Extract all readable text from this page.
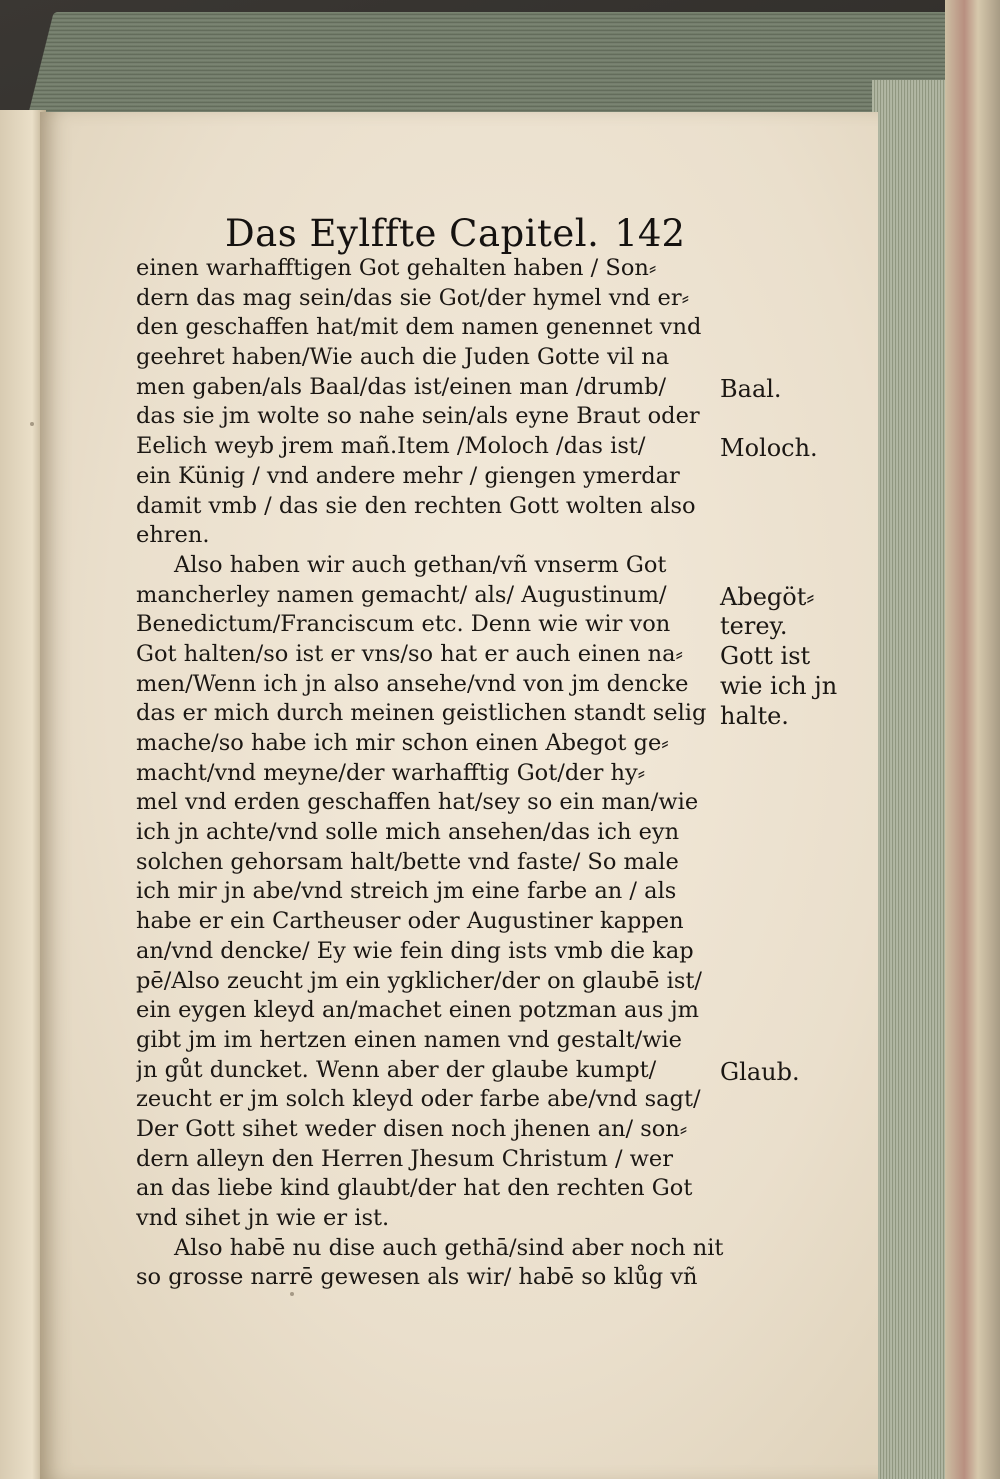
Das Eylffte Capitel. 142
einen warhafftigen Got gehalten haben / Son⸗
dern das mag sein/das sie Got/der hymel vnd er⸗
den geschaffen hat/mit dem namen genennet vnd
geehret haben/Wie auch die Juden Gotte vil na
men gaben/als Baal/das ist/einen man /drumb/
das sie jm wolte so nahe sein/als eyne Braut oder
Eelich weyb jrem mañ.Item /Moloch /das ist/
ein Künig / vnd andere mehr / giengen ymerdar
damit vmb / das sie den rechten Gott wolten also
ehren.
Also haben wir auch gethan/vñ vnserm Got
mancherley namen gemacht/ als/ Augustinum/
Benedictum/Franciscum etc. Denn wie wir von
Got halten/so ist er vns/so hat er auch einen na⸗
men/Wenn ich jn also ansehe/vnd von jm dencke
das er mich durch meinen geistlichen standt selig
mache/so habe ich mir schon einen Abegot ge⸗
macht/vnd meyne/der warhafftig Got/der hy⸗
mel vnd erden geschaffen hat/sey so ein man/wie
ich jn achte/vnd solle mich ansehen/das ich eyn
solchen gehorsam halt/bette vnd faste/ So male
ich mir jn abe/vnd streich jm eine farbe an / als
habe er ein Cartheuser oder Augustiner kappen
an/vnd dencke/ Ey wie fein ding ists vmb die kap
pē/Also zeucht jm ein ygklicher/der on glaubē ist/
ein eygen kleyd an/machet einen potzman aus jm
gibt jm im hertzen einen namen vnd gestalt/wie
jn gůt duncket. Wenn aber der glaube kumpt/
zeucht er jm solch kleyd oder farbe abe/vnd sagt/
Der Gott sihet weder disen noch jhenen an/ son⸗
dern alleyn den Herren Jhesum Christum / wer
an das liebe kind glaubt/der hat den rechten Got
vnd sihet jn wie er ist.
Also habē nu dise auch gethā/sind aber noch nit
so grosse narrē gewesen als wir/ habē so klůg vñ
Baal.
Moloch.
Abegöt⸗
terey.
Gott ist
wie ich jn
halte.
Glaub.
